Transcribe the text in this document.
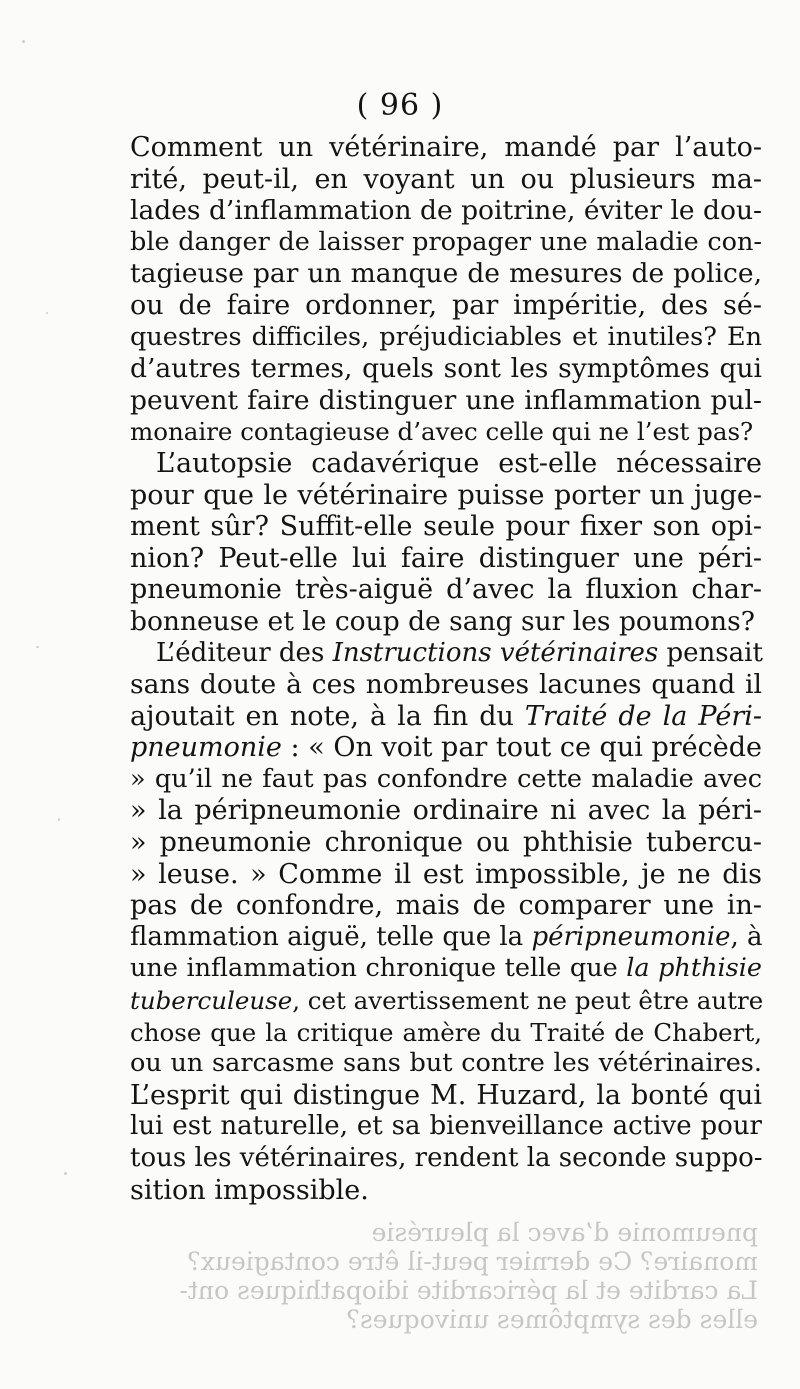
( 96 )
pneumonie d’avec la pleurésie
monaire? Ce dernier peut-il être contagieux?
La cardite et la péricardite idiopathiques ont-
elles des symptômes univoques?
Comment un vétérinaire, mandé par l’auto-
rité, peut-il, en voyant un ou plusieurs ma-
lades d’inflammation de poitrine, éviter le dou-
ble danger de laisser propager une maladie con-
tagieuse par un manque de mesures de police,
ou de faire ordonner, par impéritie, des sé-
questres difficiles, préjudiciables et inutiles? En
d’autres termes, quels sont les symptômes qui
peuvent faire distinguer une inflammation pul-
monaire contagieuse d’avec celle qui ne l’est pas?
L’autopsie cadavérique est-elle nécessaire
pour que le vétérinaire puisse porter un juge-
ment sûr? Suffit-elle seule pour fixer son opi-
nion? Peut-elle lui faire distinguer une péri-
pneumonie très-aiguë d’avec la fluxion char-
bonneuse et le coup de sang sur les poumons?
L’éditeur des Instructions vétérinaires pensait
sans doute à ces nombreuses lacunes quand il
ajoutait en note, à la fin du Traité de la Péri-
pneumonie : « On voit par tout ce qui précède
» qu’il ne faut pas confondre cette maladie avec
» la péripneumonie ordinaire ni avec la péri-
» pneumonie chronique ou phthisie tubercu-
» leuse. » Comme il est impossible, je ne dis
pas de confondre, mais de comparer une in-
flammation aiguë, telle que la péripneumonie, à
une inflammation chronique telle que la phthisie
tuberculeuse, cet avertissement ne peut être autre
chose que la critique amère du Traité de Chabert,
ou un sarcasme sans but contre les vétérinaires.
L’esprit qui distingue M. Huzard, la bonté qui
lui est naturelle, et sa bienveillance active pour
tous les vétérinaires, rendent la seconde suppo-
sition impossible.
